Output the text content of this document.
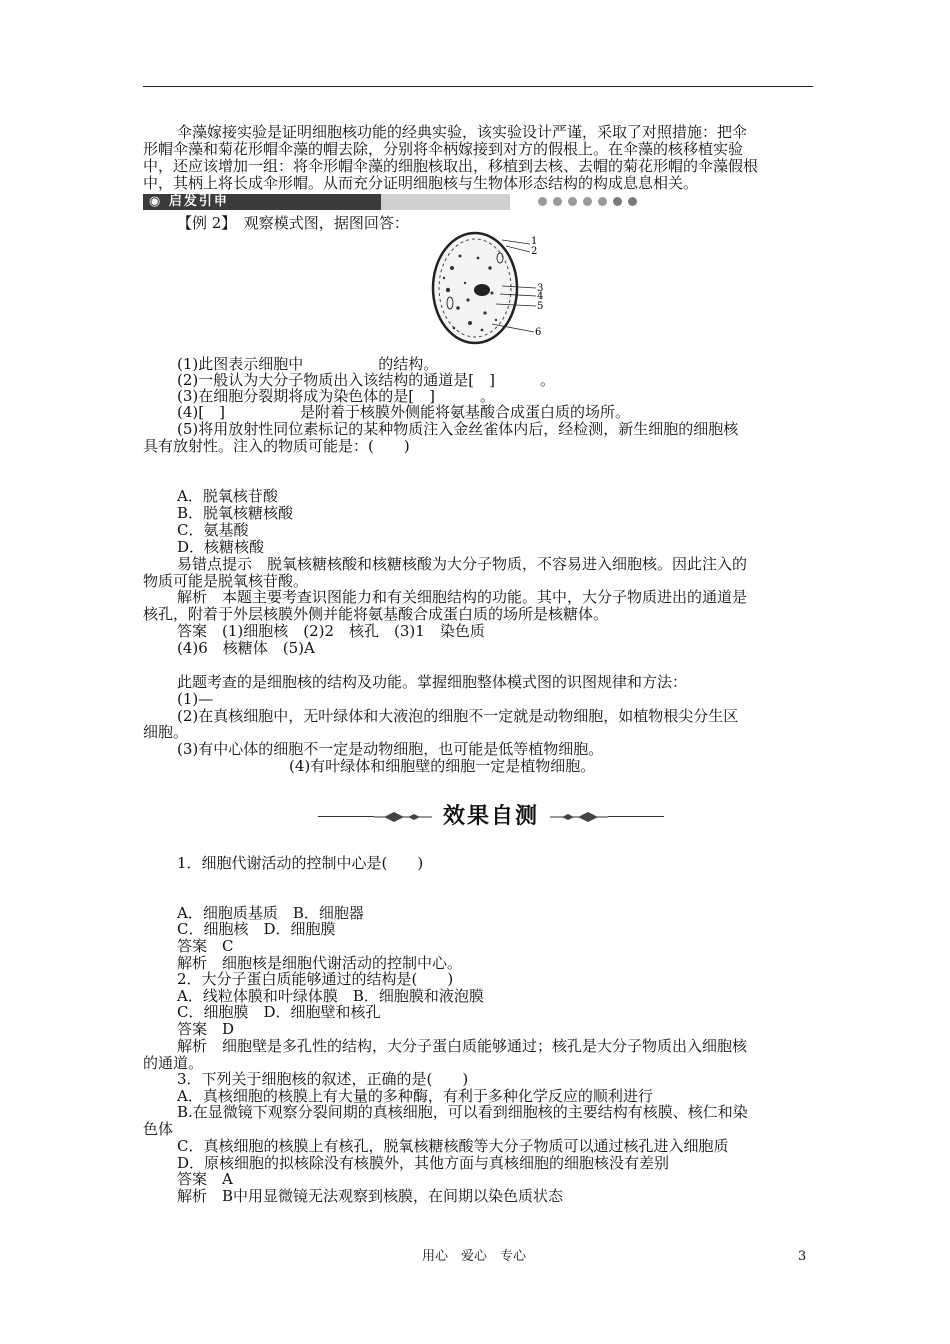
伞藻嫁接实验是证明细胞核功能的经典实验，该实验设计严谨，采取了对照措施：把伞
形帽伞藻和菊花形帽伞藻的帽去除，分别将伞柄嫁接到对方的假根上。在伞藻的核移植实验
中，还应该增加一组：将伞形帽伞藻的细胞核取出，移植到去核、去帽的菊花形帽的伞藻假根
中，其柄上将长成伞形帽。从而充分证明细胞核与生物体形态结构的构成息息相关。
◉ 启发引申
【例 2】　观察模式图，据图回答：
1
2
3
4
5
6
(1)此图表示细胞中　　　　　的结构。
(2)一般认为大分子物质出入该结构的通道是[　]　　　。
(3)在细胞分裂期将成为染色体的是[　]　　　。
(4)[　]　　　　　是附着于核膜外侧能将氨基酸合成蛋白质的场所。
(5)将用放射性同位素标记的某种物质注入金丝雀体内后，经检测，新生细胞的细胞核
具有放射性。注入的物质可能是：(　　)
A．脱氧核苷酸
B．脱氧核糖核酸
C．氨基酸
D．核糖核酸
易错点提示　脱氧核糖核酸和核糖核酸为大分子物质，不容易进入细胞核。因此注入的
物质可能是脱氧核苷酸。
解析　本题主要考查识图能力和有关细胞结构的功能。其中，大分子物质进出的通道是
核孔，附着于外层核膜外侧并能将氨基酸合成蛋白质的场所是核糖体。
答案　(1)细胞核　(2)2　核孔　(3)1　染色质
(4)6　核糖体　(5)A
此题考查的是细胞核的结构及功能。掌握细胞整体模式图的识图规律和方法：
(1)—
(2)在真核细胞中，无叶绿体和大液泡的细胞不一定就是动物细胞，如植物根尖分生区
细胞。
(3)有中心体的细胞不一定是动物细胞，也可能是低等植物细胞。
(4)有叶绿体和细胞壁的细胞一定是植物细胞。
效果自测
1．细胞代谢活动的控制中心是(　　)
A．细胞质基质　B．细胞器
C．细胞核　D．细胞膜
答案　C
解析　细胞核是细胞代谢活动的控制中心。
2．大分子蛋白质能够通过的结构是(　　)
A．线粒体膜和叶绿体膜　B．细胞膜和液泡膜
C．细胞膜　D．细胞壁和核孔
答案　D
解析　细胞壁是多孔性的结构，大分子蛋白质能够通过；核孔是大分子物质出入细胞核
的通道。
3．下列关于细胞核的叙述，正确的是(　　)
A．真核细胞的核膜上有大量的多种酶，有利于多种化学反应的顺利进行
B.在显微镜下观察分裂间期的真核细胞，可以看到细胞核的主要结构有核膜、核仁和染
色体
C．真核细胞的核膜上有核孔，脱氧核糖核酸等大分子物质可以通过核孔进入细胞质
D．原核细胞的拟核除没有核膜外，其他方面与真核细胞的细胞核没有差别
答案　A
解析　B中用显微镜无法观察到核膜，在间期以染色质状态
用心　爱心　专心	3
